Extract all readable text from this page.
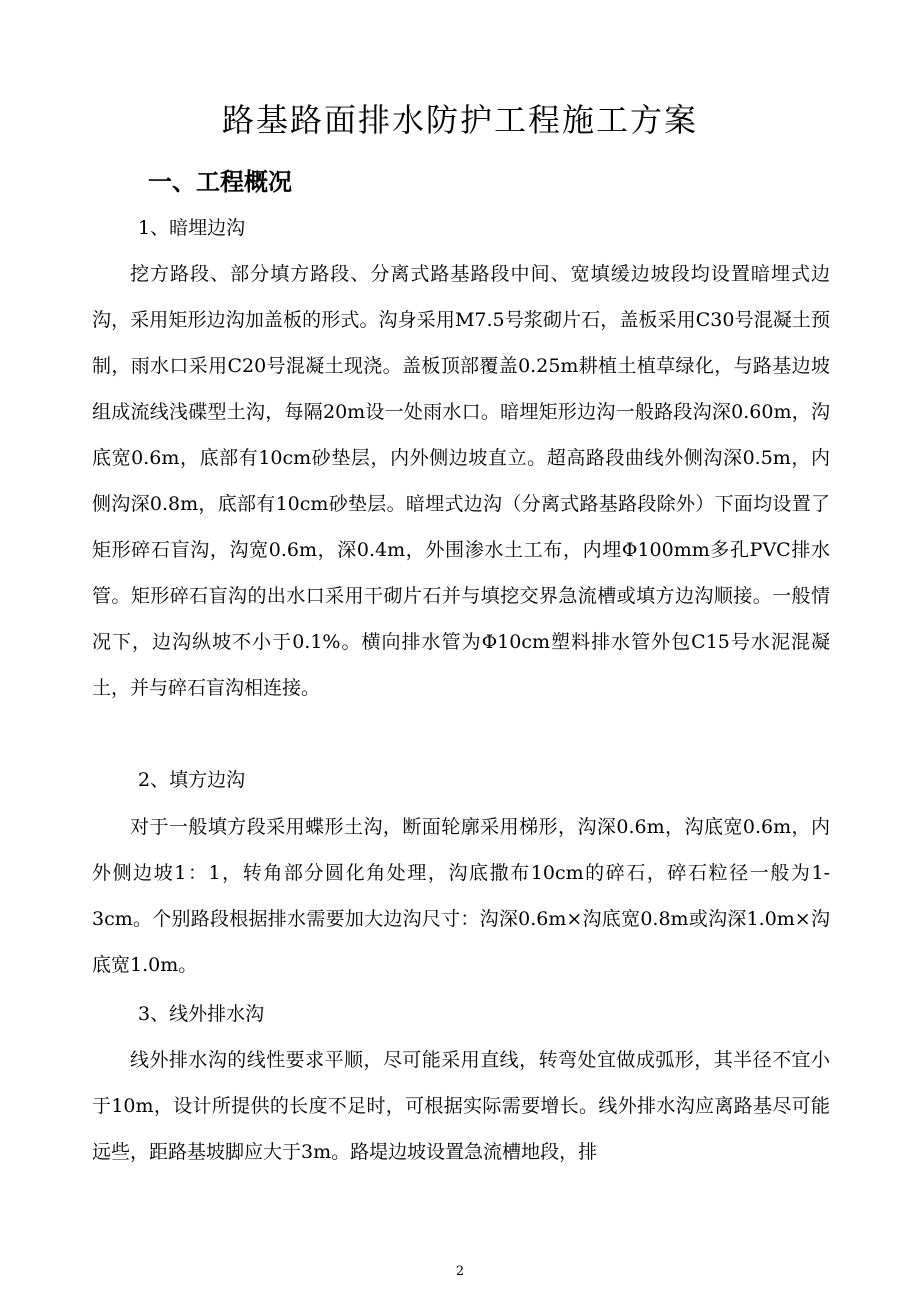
路基路面排水防护工程施工方案
一、工程概况

1、暗埋边沟

挖方路段、部分填方路段、分离式路基路段中间、宽填缓边坡段均设置暗埋式边沟，采用矩形边沟加盖板的形式。沟身采用M7.5号浆砌片石，盖板采用C30号混凝土预制，雨水口采用C20号混凝土现浇。盖板顶部覆盖0.25m耕植土植草绿化，与路基边坡组成流线浅碟型土沟，每隔20m设一处雨水口。暗埋矩形边沟一般路段沟深0.60m，沟底宽0.6m，底部有10cm砂垫层，内外侧边坡直立。超高路段曲线外侧沟深0.5m，内侧沟深0.8m，底部有10cm砂垫层。暗埋式边沟（分离式路基路段除外）下面均设置了矩形碎石盲沟，沟宽0.6m，深0.4m，外围渗水土工布，内埋Φ100mm多孔PVC排水管。矩形碎石盲沟的出水口采用干砌片石并与填挖交界急流槽或填方边沟顺接。一般情况下，边沟纵坡不小于0.1%。横向排水管为Φ10cm塑料排水管外包C15号水泥混凝土，并与碎石盲沟相连接。

2、填方边沟

对于一般填方段采用蝶形土沟，断面轮廓采用梯形，沟深0.6m，沟底宽0.6m，内外侧边坡1：1，转角部分圆化角处理，沟底撒布10cm的碎石，碎石粒径一般为1-3cm。个别路段根据排水需要加大边沟尺寸：沟深0.6m×沟底宽0.8m或沟深1.0m×沟底宽1.0m。

3、线外排水沟

线外排水沟的线性要求平顺，尽可能采用直线，转弯处宜做成弧形，其半径不宜小于10m，设计所提供的长度不足时，可根据实际需要增长。线外排水沟应离路基尽可能远些，距路基坡脚应大于3m。路堤边坡设置急流槽地段，排

2
